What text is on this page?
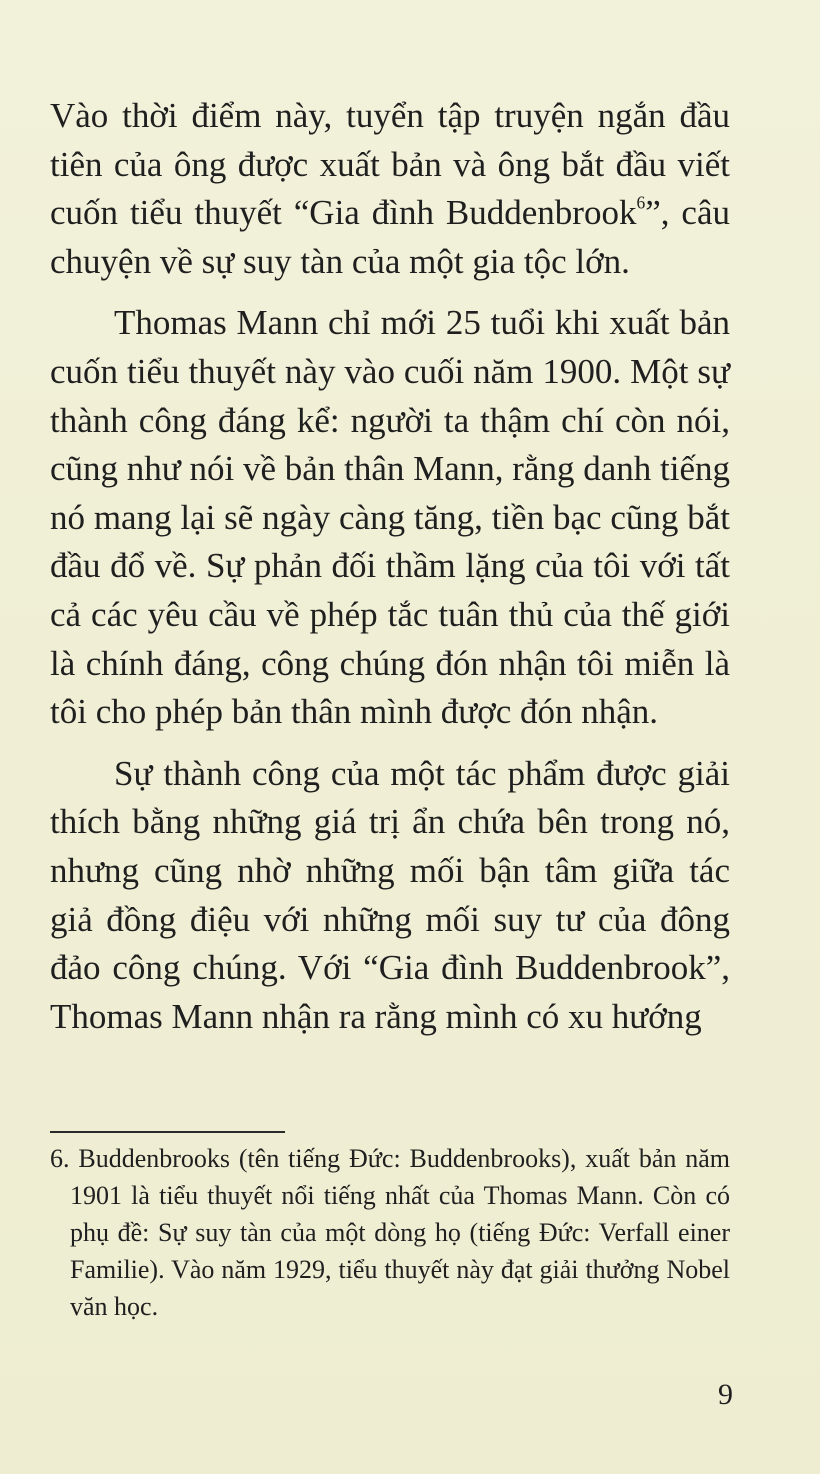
Vào thời điểm này, tuyển tập truyện ngắn đầu tiên của ông được xuất bản và ông bắt đầu viết cuốn tiểu thuyết “Gia đình Buddenbrook$^6$”, câu chuyện về sự suy tàn của một gia tộc lớn.

Thomas Mann chỉ mới 25 tuổi khi xuất bản cuốn tiểu thuyết này vào cuối năm 1900. Một sự thành công đáng kể: người ta thậm chí còn nói, cũng như nói về bản thân Mann, rằng danh tiếng nó mang lại sẽ ngày càng tăng, tiền bạc cũng bắt đầu đổ về. Sự phản đối thầm lặng của tôi với tất cả các yêu cầu về phép tắc tuân thủ của thế giới là chính đáng, công chúng đón nhận tôi miễn là tôi cho phép bản thân mình được đón nhận.

Sự thành công của một tác phẩm được giải thích bằng những giá trị ẩn chứa bên trong nó, nhưng cũng nhờ những mối bận tâm giữa tác giả đồng điệu với những mối suy tư của đông đảo công chúng. Với “Gia đình Buddenbrook”, Thomas Mann nhận ra rằng mình có xu hướng

6. Buddenbrooks (tên tiếng Đức: Buddenbrooks), xuất bản năm 1901 là tiểu thuyết nổi tiếng nhất của Thomas Mann. Còn có phụ đề: Sự suy tàn của một dòng họ (tiếng Đức: Verfall einer Familie). Vào năm 1929, tiểu thuyết này đạt giải thưởng Nobel văn học.

9
